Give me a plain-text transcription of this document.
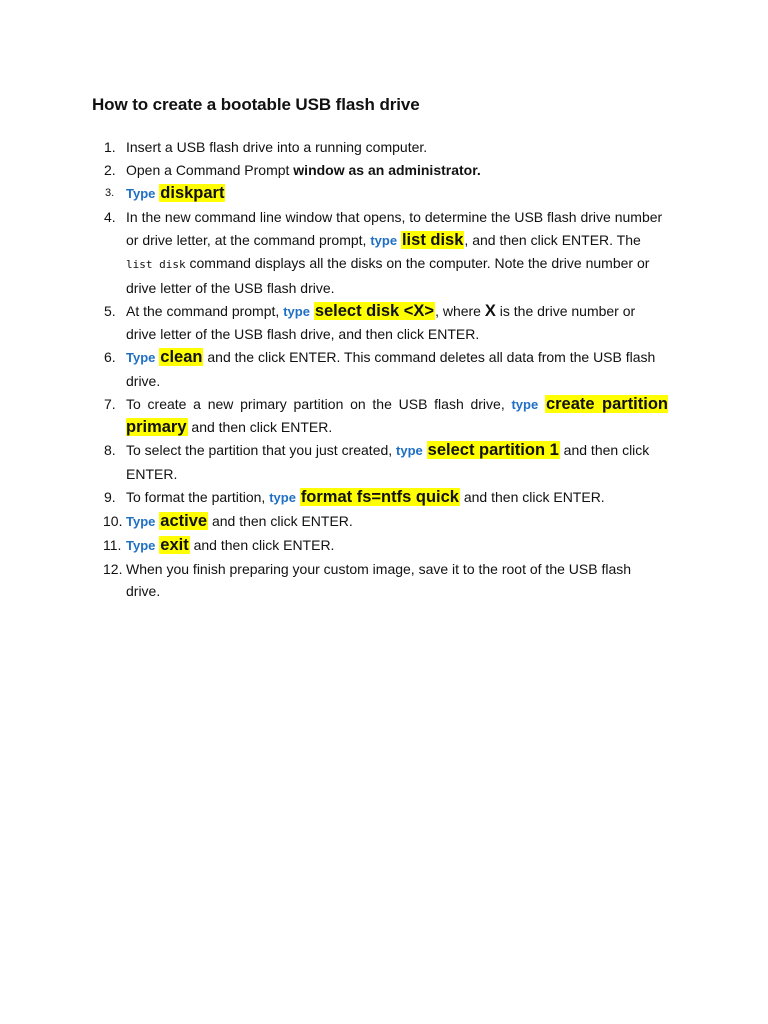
How to create a bootable USB flash drive
1. Insert a USB flash drive into a running computer.
2. Open a Command Prompt window as an administrator.
3. Type diskpart
4. In the new command line window that opens, to determine the USB flash drive number or drive letter, at the command prompt, type list disk, and then click ENTER. The list disk command displays all the disks on the computer. Note the drive number or drive letter of the USB flash drive.
5. At the command prompt, type select disk <X>, where X is the drive number or drive letter of the USB flash drive, and then click ENTER.
6. Type clean and the click ENTER. This command deletes all data from the USB flash drive.
7. To create a new primary partition on the USB flash drive, type create partition primary and then click ENTER.
8. To select the partition that you just created, type select partition 1 and then click ENTER.
9. To format the partition, type format fs=ntfs quick and then click ENTER.
10. Type active and then click ENTER.
11. Type exit and then click ENTER.
12. When you finish preparing your custom image, save it to the root of the USB flash drive.
